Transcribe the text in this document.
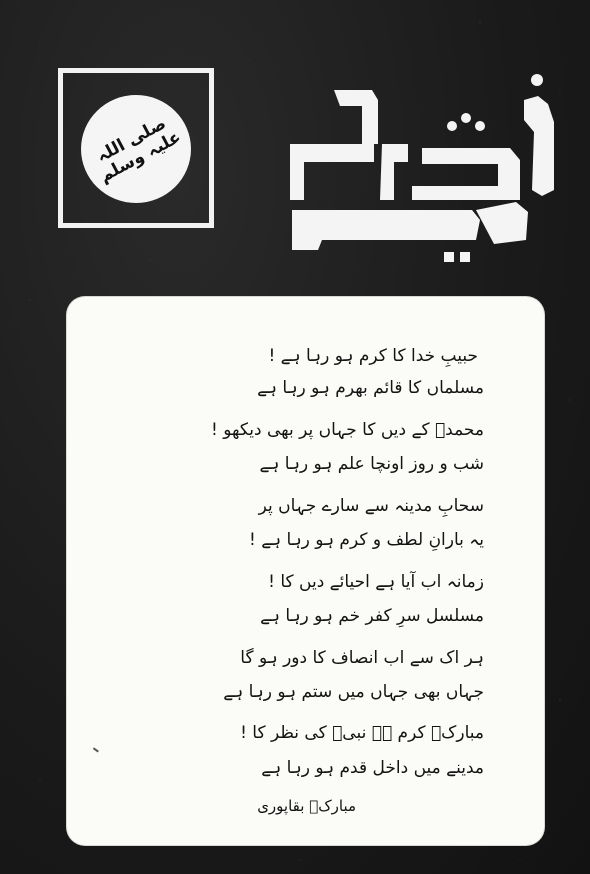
صلی اللہ علیہ وسلم
حبیبِ خدا کا کرم ہو رہا ہے !
مسلماں کا قائم بھرم ہو رہا ہے
محمدؐ کے دیں کا جہاں پر بھی دیکھو !
شب و روز اونچا علم ہو رہا ہے
سحابِ مدینہ سے سارے جہاں پر
یہ بارانِ لطف و کرم ہو رہا ہے !
زمانہ اب آیا ہے احیائے دیں کا !
مسلسل سرِ کفر خم ہو رہا ہے
ہر اک سے اب انصاف کا دور ہو گا
جہاں بھی جہاں میں ستم ہو رہا ہے
مبارکؔ کرم ہے نبیؐ کی نظر کا !
مدینے میں داخل قدم ہو رہا ہے
مبارکؔ بقاپوری
